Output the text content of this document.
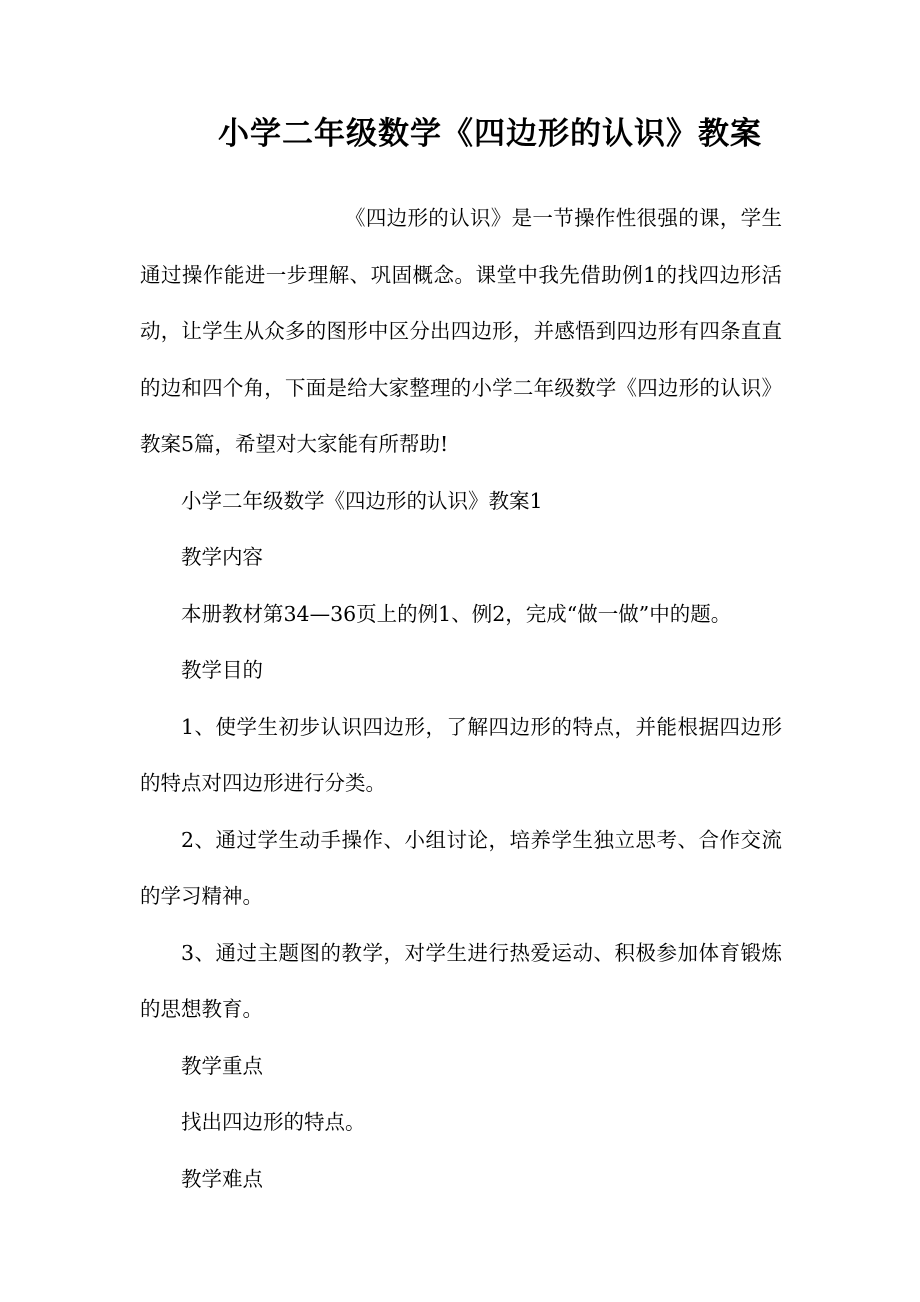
小学二年级数学《四边形的认识》教案

《四边形的认识》是一节操作性很强的课，学生通过操作能进一步理解、巩固概念。课堂中我先借助例1的找四边形活动，让学生从众多的图形中区分出四边形，并感悟到四边形有四条直直的边和四个角，下面是给大家整理的小学二年级数学《四边形的认识》教案5篇，希望对大家能有所帮助!

小学二年级数学《四边形的认识》教案1

教学内容

本册教材第34—36页上的例1、例2，完成“做一做”中的题。

教学目的

1、使学生初步认识四边形，了解四边形的特点，并能根据四边形的特点对四边形进行分类。

2、通过学生动手操作、小组讨论，培养学生独立思考、合作交流的学习精神。

3、通过主题图的教学，对学生进行热爱运动、积极参加体育锻炼的思想教育。

教学重点

找出四边形的特点。

教学难点
